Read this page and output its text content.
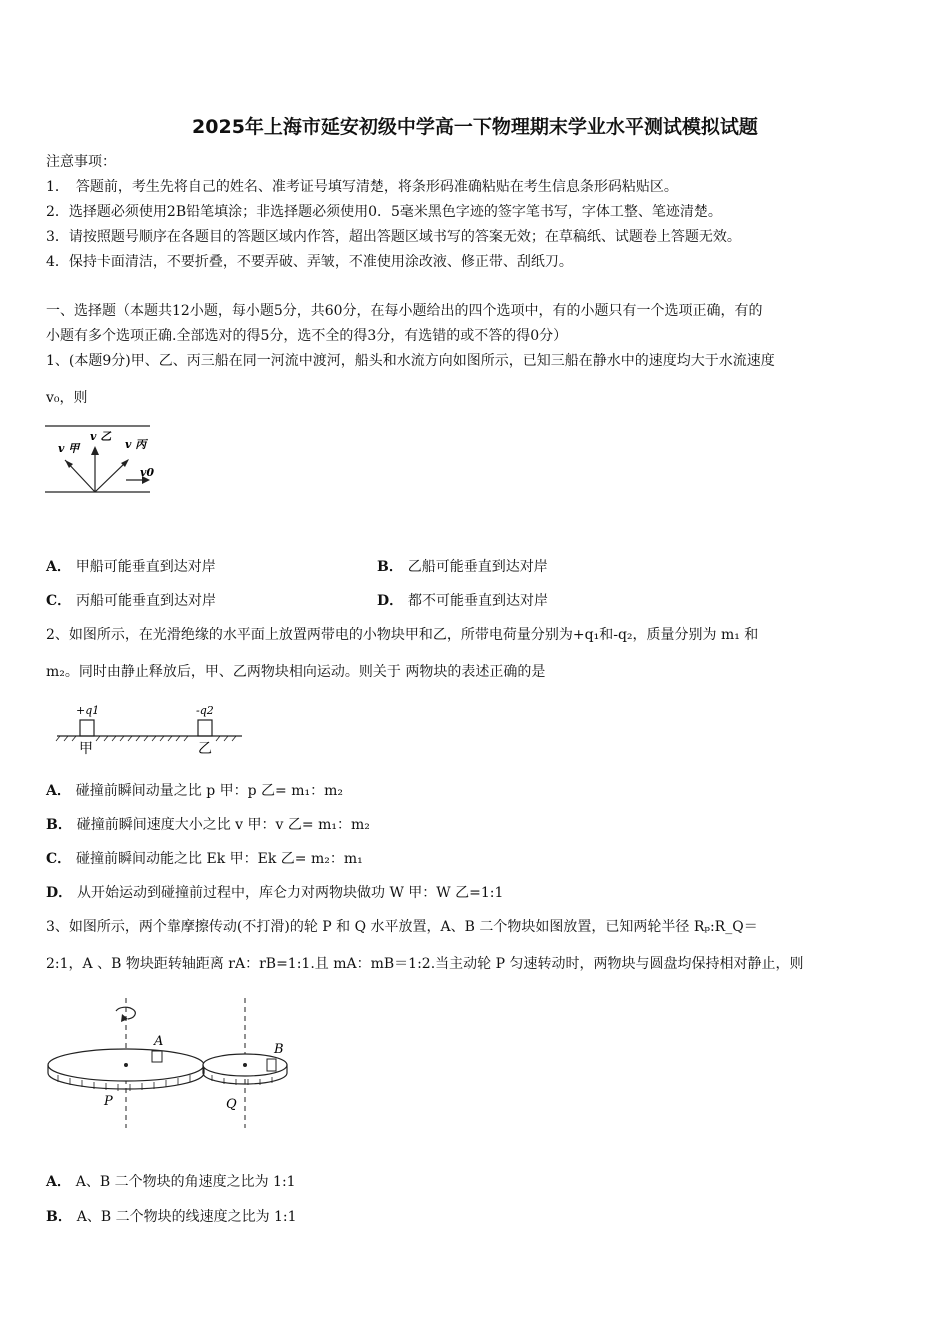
2025年上海市延安初级中学高一下物理期末学业水平测试模拟试题
注意事项：
1．　答题前，考生先将自己的姓名、准考证号填写清楚，将条形码准确粘贴在考生信息条形码粘贴区。
2．选择题必须使用2B铅笔填涂；非选择题必须使用0．5毫米黑色字迹的签字笔书写，字体工整、笔迹清楚。
3．请按照题号顺序在各题目的答题区域内作答，超出答题区域书写的答案无效；在草稿纸、试题卷上答题无效。
4．保持卡面清洁，不要折叠，不要弄破、弄皱，不准使用涂改液、修正带、刮纸刀。
一、选择题（本题共12小题，每小题5分，共60分，在每小题给出的四个选项中，有的小题只有一个选项正确，有的
小题有多个选项正确.全部选对的得5分，选不全的得3分，有选错的或不答的得0分）
1、(本题9分)甲、乙、丙三船在同一河流中渡河，船头和水流方向如图所示，已知三船在静水中的速度均大于水流速度
v₀，则
v 甲
v 乙
v 丙
v0
A． 甲船可能垂直到达对岸	B． 乙船可能垂直到达对岸
C． 丙船可能垂直到达对岸	D． 都不可能垂直到达对岸
2、如图所示，在光滑绝缘的水平面上放置两带电的小物块甲和乙，所带电荷量分别为+q₁和-q₂，质量分别为 m₁ 和
m₂。同时由静止释放后，甲、乙两物块相向运动。则关于 两物块的表述正确的是
+q1	-q2
甲	乙
A． 碰撞前瞬间动量之比 p 甲：p 乙= m₁：m₂
B． 碰撞前瞬间速度大小之比 v 甲：v 乙= m₁：m₂
C． 碰撞前瞬间动能之比 Ek 甲：Ek 乙= m₂：m₁
D． 从开始运动到碰撞前过程中，库仑力对两物块做功 W 甲：W 乙=1:1
3、如图所示，两个靠摩擦传动(不打滑)的轮 P 和 Q 水平放置，A、B 二个物块如图放置，已知两轮半径 Rₚ:R_Q＝
2:1，A 、B 物块距转轴距离 rA：rB=1:1.且 mA：mB＝1:2.当主动轮 P 匀速转动时，两物块与圆盘均保持相对静止，则
A
B
P	Q
A． A、B 二个物块的角速度之比为 1:1
B． A、B 二个物块的线速度之比为 1:1
